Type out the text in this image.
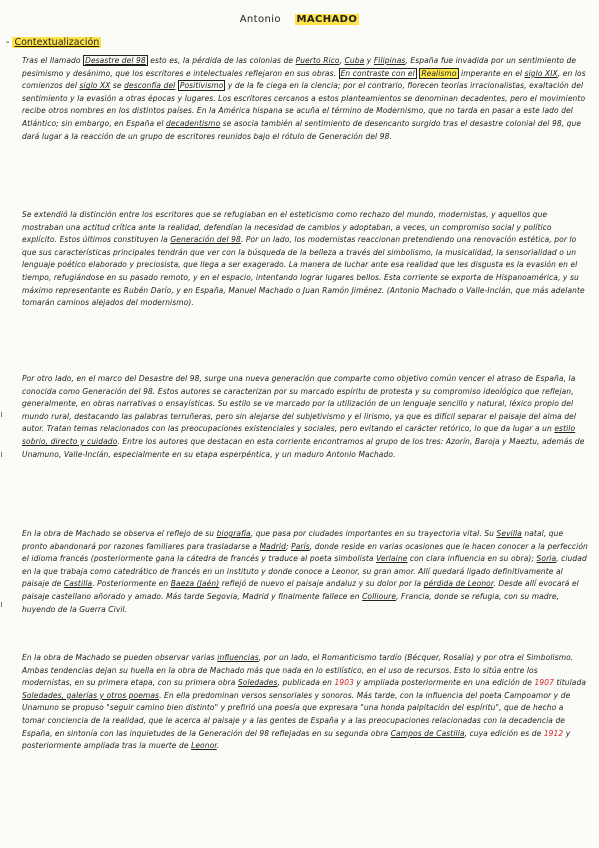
Antonio MACHADO
- Contextualización
Tras el llamado Desastre del 98 esto es, la pérdida de las colonias de Puerto Rico, Cuba y Filipinas, España fue invadida por un sentimiento de pesimismo y desánimo, que los escritores e intelectuales reflejaron en sus obras. En contraste con el Realismo imperante en el siglo XIX, en los comienzos del siglo XX se desconfía del Positivismo y de la fe ciega en la ciencia; por el contrario, florecen teorías irracionalistas, exaltación del sentimiento y la evasión a otras épocas y lugares. Los escritores cercanos a estos planteamientos se denominan decadentes, pero el movimiento recibe otros nombres en los distintos países. En la América hispana se acuña el término de Modernismo, que no tarda en pasar a este lado del Atlántico; sin embargo, en España el decadentismo se asocia también al sentimiento de desencanto surgido tras el desastre colonial del 98, que dará lugar a la reacción de un grupo de escritores reunidos bajo el rótulo de Generación del 98.
Se extendió la distinción entre los escritores que se refugiaban en el esteticismo como rechazo del mundo, modernistas, y aquellos que mostraban una actitud crítica ante la realidad, defendían la necesidad de cambios y adoptaban, a veces, un compromiso social y político explícito. Estos últimos constituyen la Generación del 98. Por un lado, los modernistas reaccionan pretendiendo una renovación estética, por lo que sus características principales tendrán que ver con la búsqueda de la belleza a través del simbolismo, la musicalidad, la sensorialidad o un lenguaje poético elaborado y preciosista, que llega a ser exagerado. La manera de luchar ante esa realidad que les disgusta es la evasión en el tiempo, refugiándose en su pasado remoto, y en el espacio, intentando lograr lugares bellos. Esta corriente se exporta de Hispanoamérica, y su máximo representante es Rubén Darío, y en España, Manuel Machado o Juan Ramón Jiménez. (Antonio Machado o Valle-Inclán, que más adelante tomarán caminos alejados del modernismo).
Por otro lado, en el marco del Desastre del 98, surge una nueva generación que comparte como objetivo común vencer el atraso de España, la conocida como Generación del 98. Estos autores se caracterizan por su marcado espíritu de protesta y su compromiso ideológico que reflejan, generalmente, en obras narrativas o ensayísticas. Su estilo se ve marcado por la utilización de un lenguaje sencillo y natural, léxico propio del mundo rural, destacando las palabras terruñeras, pero sin alejarse del subjetivismo y el lirismo, ya que es difícil separar el paisaje del alma del autor. Tratan temas relacionados con las preocupaciones existenciales y sociales, pero evitando el carácter retórico, lo que da lugar a un estilo sobrio, directo y cuidado. Entre los autores que destacan en esta corriente encontramos al grupo de los tres: Azorín, Baroja y Maeztu, además de Unamuno, Valle-Inclán, especialmente en su etapa esperpéntica, y un maduro Antonio Machado.
En la obra de Machado se observa el reflejo de su biografía, que pasa por ciudades importantes en su trayectoria vital. Su Sevilla natal, que pronto abandonará por razones familiares para trasladarse a Madrid; París, donde reside en varias ocasiones que le hacen conocer a la perfección el idioma francés (posteriormente gana la cátedra de francés y traduce al poeta simbolista Verlaine con clara influencia en su obra); Soria, ciudad en la que trabaja como catedrático de francés en un instituto y donde conoce a Leonor, su gran amor. Allí quedará ligado definitivamente al paisaje de Castilla. Posteriormente en Baeza (Jaén) reflejó de nuevo el paisaje andaluz y su dolor por la pérdida de Leonor. Desde allí evocará el paisaje castellano añorado y amado. Más tarde Segovia, Madrid y finalmente fallece en Collioure, Francia, donde se refugia, con su madre, huyendo de la Guerra Civil.
En la obra de Machado se pueden observar varias influencias, por un lado, el Romanticismo tardío (Bécquer, Rosalía) y por otra el Simbolismo. Ambas tendencias dejan su huella en la obra de Machado más que nada en lo estilístico, en el uso de recursos. Esto lo sitúa entre los modernistas, en su primera etapa, con su primera obra Soledades, publicada en 1903 y ampliada posteriormente en una edición de 1907 titulada Soledades, galerías y otros poemas. En ella predominan versos sensoriales y sonoros. Más tarde, con la influencia del poeta Campoamor y de Unamuno se propuso "seguir camino bien distinto" y prefirió una poesía que expresara "una honda palpitación del espíritu", que de hecho a tomar conciencia de la realidad, que le acerca al paisaje y a las gentes de España y a las preocupaciones relacionadas con la decadencia de España, en sintonía con las inquietudes de la Generación del 98 reflejadas en su segunda obra Campos de Castilla, cuya edición es de 1912 y posteriormente ampliada tras la muerte de Leonor.
